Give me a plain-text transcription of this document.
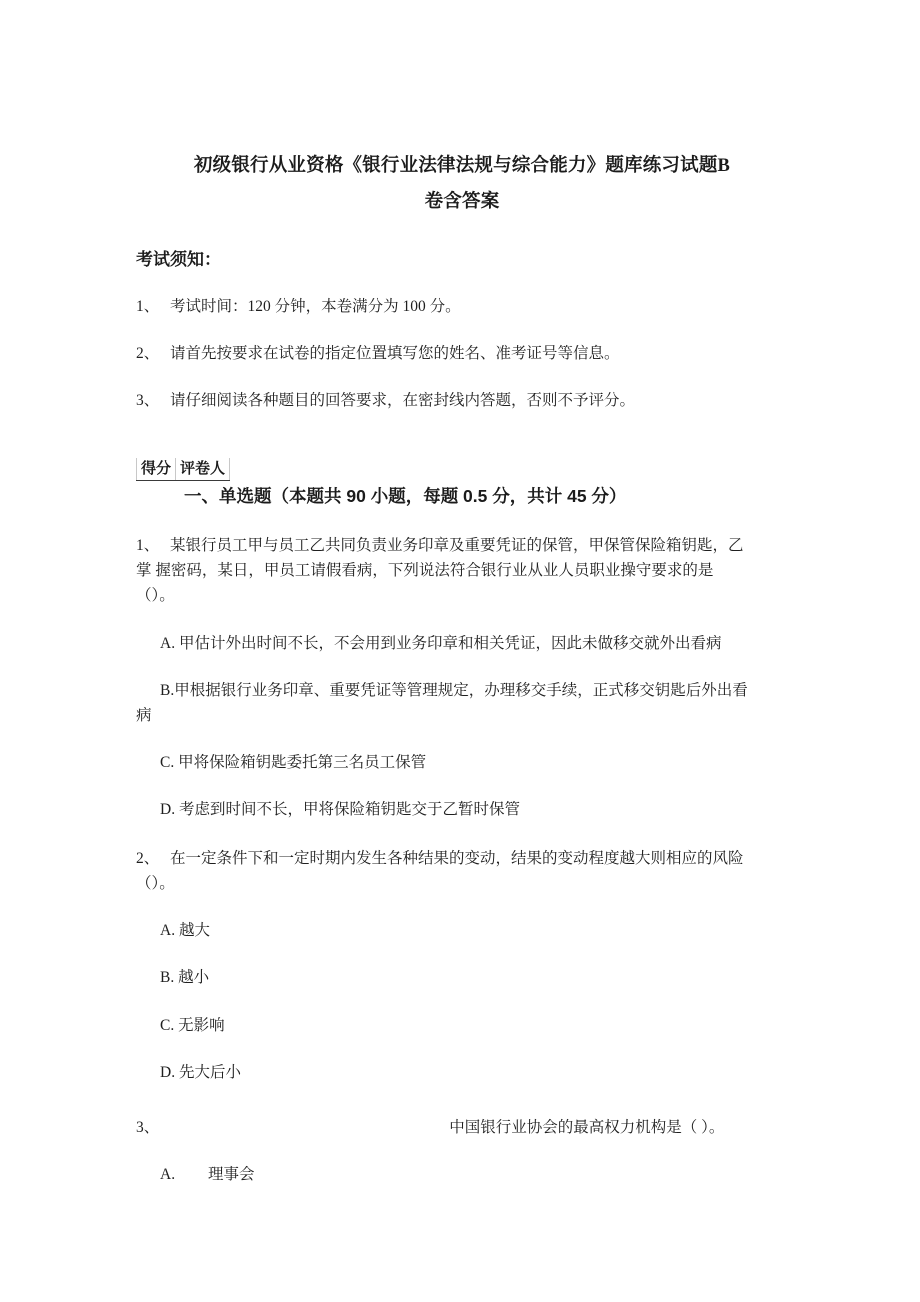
初级银行从业资格《银行业法律法规与综合能力》题库练习试题B
卷含答案
考试须知：
1、 考试时间：120 分钟，本卷满分为 100 分。
2、 请首先按要求在试卷的指定位置填写您的姓名、准考证号等信息。
3、 请仔细阅读各种题目的回答要求，在密封线内答题，否则不予评分。
得分	评卷人
一、单选题（本题共 90 小题，每题 0.5 分，共计 45 分）
1、 某银行员工甲与员工乙共同负责业务印章及重要凭证的保管，甲保管保险箱钥匙，乙
掌 握密码，某日，甲员工请假看病，下列说法符合银行业从业人员职业操守要求的是
（）。
A. 甲估计外出时间不长，不会用到业务印章和相关凭证，因此未做移交就外出看病
B.甲根据银行业务印章、重要凭证等管理规定，办理移交手续，正式移交钥匙后外出看
病
C. 甲将保险箱钥匙委托第三名员工保管
D. 考虑到时间不长，甲将保险箱钥匙交于乙暂时保管
2、 在一定条件下和一定时期内发生各种结果的变动，结果的变动程度越大则相应的风险
（）。
A. 越大
B. 越小
C. 无影响
D. 先大后小
3、	中国银行业协会的最高权力机构是（ ）。
A. 理事会
